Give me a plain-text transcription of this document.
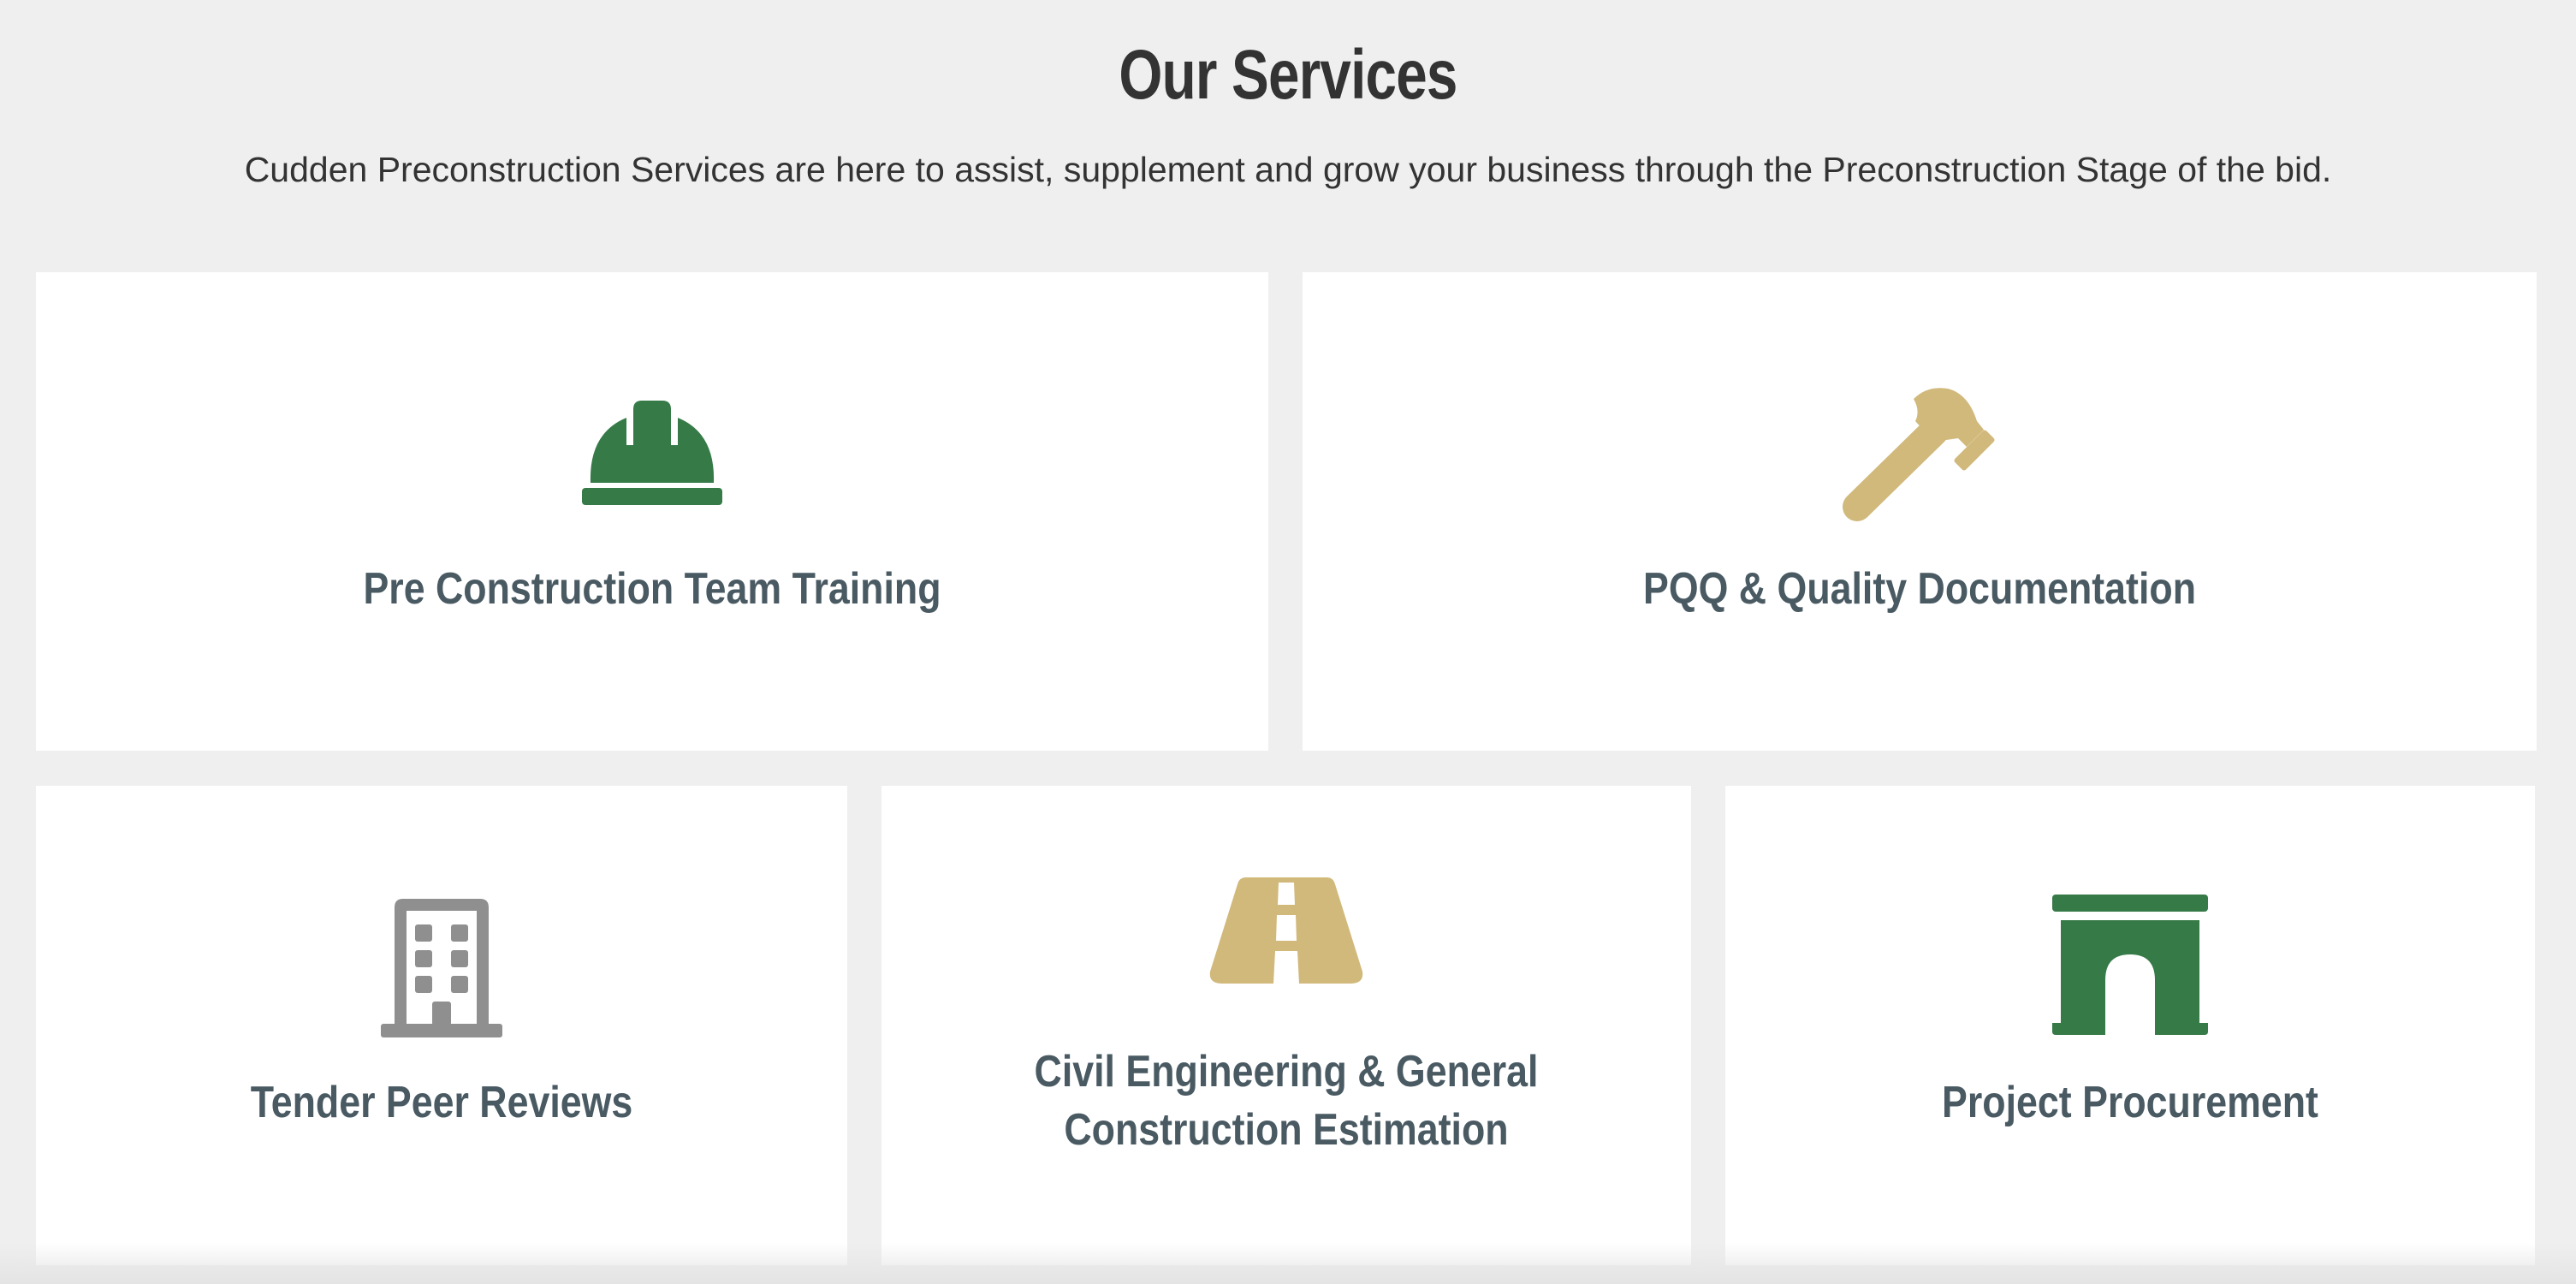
Our Services

Cudden Preconstruction Services are here to assist, supplement and grow your business through the Preconstruction Stage of the bid.

Pre Construction Team Training	PQQ & Quality Documentation
Tender Peer Reviews
Civil Engineering & General
Construction Estimation
Project Procurement
